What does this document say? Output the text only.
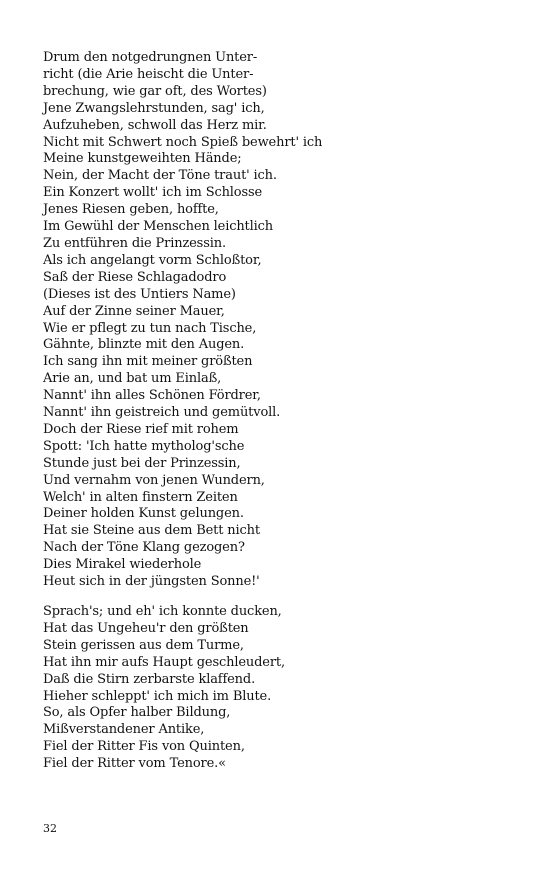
Drum den notgedrungnen Unter-
richt (die Arie heischt die Unter-
brechung, wie gar oft, des Wortes)
Jene Zwangslehrstunden, sag' ich,
Aufzuheben, schwoll das Herz mir.
Nicht mit Schwert noch Spieß bewehrt' ich
Meine kunstgeweihten Hände;
Nein, der Macht der Töne traut' ich.
Ein Konzert wollt' ich im Schlosse
Jenes Riesen geben, hoffte,
Im Gewühl der Menschen leichtlich
Zu entführen die Prinzessin.
Als ich angelangt vorm Schloßtor,
Saß der Riese Schlagadodro
(Dieses ist des Untiers Name)
Auf der Zinne seiner Mauer,
Wie er pflegt zu tun nach Tische,
Gähnte, blinzte mit den Augen.
Ich sang ihn mit meiner größten
Arie an, und bat um Einlaß,
Nannt' ihn alles Schönen Fördrer,
Nannt' ihn geistreich und gemütvoll.
Doch der Riese rief mit rohem
Spott: 'Ich hatte mytholog'sche
Stunde just bei der Prinzessin,
Und vernahm von jenen Wundern,
Welch' in alten finstern Zeiten
Deiner holden Kunst gelungen.
Hat sie Steine aus dem Bett nicht
Nach der Töne Klang gezogen?
Dies Mirakel wiederhole
Heut sich in der jüngsten Sonne!'
Sprach's; und eh' ich konnte ducken,
Hat das Ungeheu'r den größten
Stein gerissen aus dem Turme,
Hat ihn mir aufs Haupt geschleudert,
Daß die Stirn zerbarste klaffend.
Hieher schleppt' ich mich im Blute.
So, als Opfer halber Bildung,
Mißverstandener Antike,
Fiel der Ritter Fis von Quinten,
Fiel der Ritter vom Tenore.«
32
